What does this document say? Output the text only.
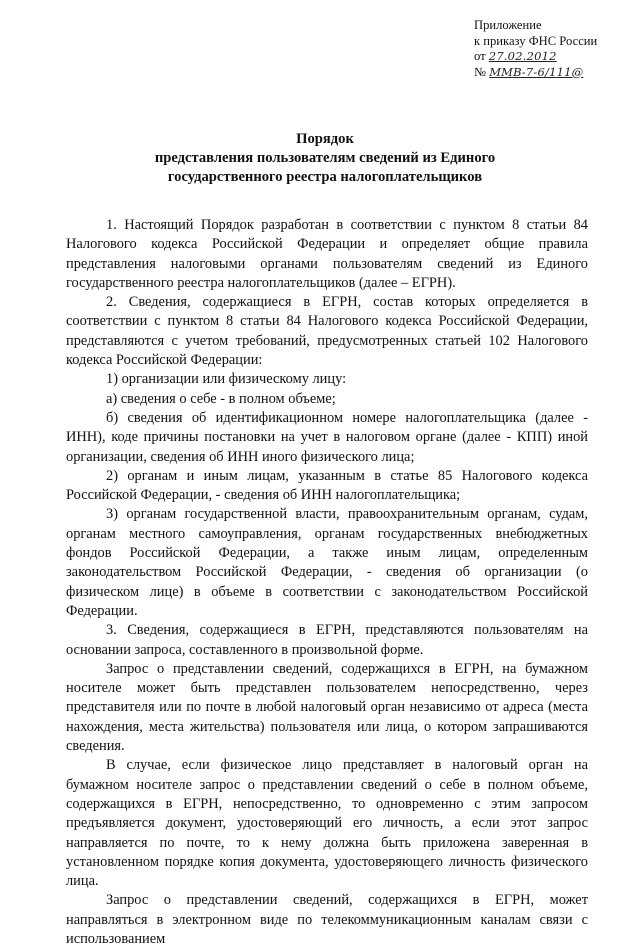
Приложение
к приказу ФНС России
от 27.02.2012
№ ММВ-7-6/111@
Порядок
представления пользователям сведений из Единого
государственного реестра налогоплательщиков

1. Настоящий Порядок разработан в соответствии с пунктом 8 статьи 84 Налогового кодекса Российской Федерации и определяет общие правила представления налоговыми органами пользователям сведений из Единого государственного реестра налогоплательщиков (далее – ЕГРН).

2. Сведения, содержащиеся в ЕГРН, состав которых определяется в соответствии с пунктом 8 статьи 84 Налогового кодекса Российской Федерации, представляются с учетом требований, предусмотренных статьей 102 Налогового кодекса Российской Федерации:

1) организации или физическому лицу:

а) сведения о себе - в полном объеме;

б) сведения об идентификационном номере налогоплательщика (далее - ИНН), коде причины постановки на учет в налоговом органе (далее - КПП) иной организации, сведения об ИНН иного физического лица;

2) органам и иным лицам, указанным в статье 85 Налогового кодекса Российской Федерации, - сведения об ИНН налогоплательщика;

3) органам государственной власти, правоохранительным органам, судам, органам местного самоуправления, органам государственных внебюджетных фондов Российской Федерации, а также иным лицам, определенным законодательством Российской Федерации, - сведения об организации (о физическом лице) в объеме в соответствии с законодательством Российской Федерации.

3. Сведения, содержащиеся в ЕГРН, представляются пользователям на основании запроса, составленного в произвольной форме.

Запрос о представлении сведений, содержащихся в ЕГРН, на бумажном носителе может быть представлен пользователем непосредственно, через представителя или по почте в любой налоговый орган независимо от адреса (места нахождения, места жительства) пользователя или лица, о котором запрашиваются сведения.

В случае, если физическое лицо представляет в налоговый орган на бумажном носителе запрос о представлении сведений о себе в полном объеме, содержащихся в ЕГРН, непосредственно, то одновременно с этим запросом предъявляется документ, удостоверяющий его личность, а если этот запрос направляется по почте, то к нему должна быть приложена заверенная в установленном порядке копия документа, удостоверяющего личность физического лица.

Запрос о представлении сведений, содержащихся в ЕГРН, может направляться в электронном виде по телекоммуникационным каналам связи с использованием
